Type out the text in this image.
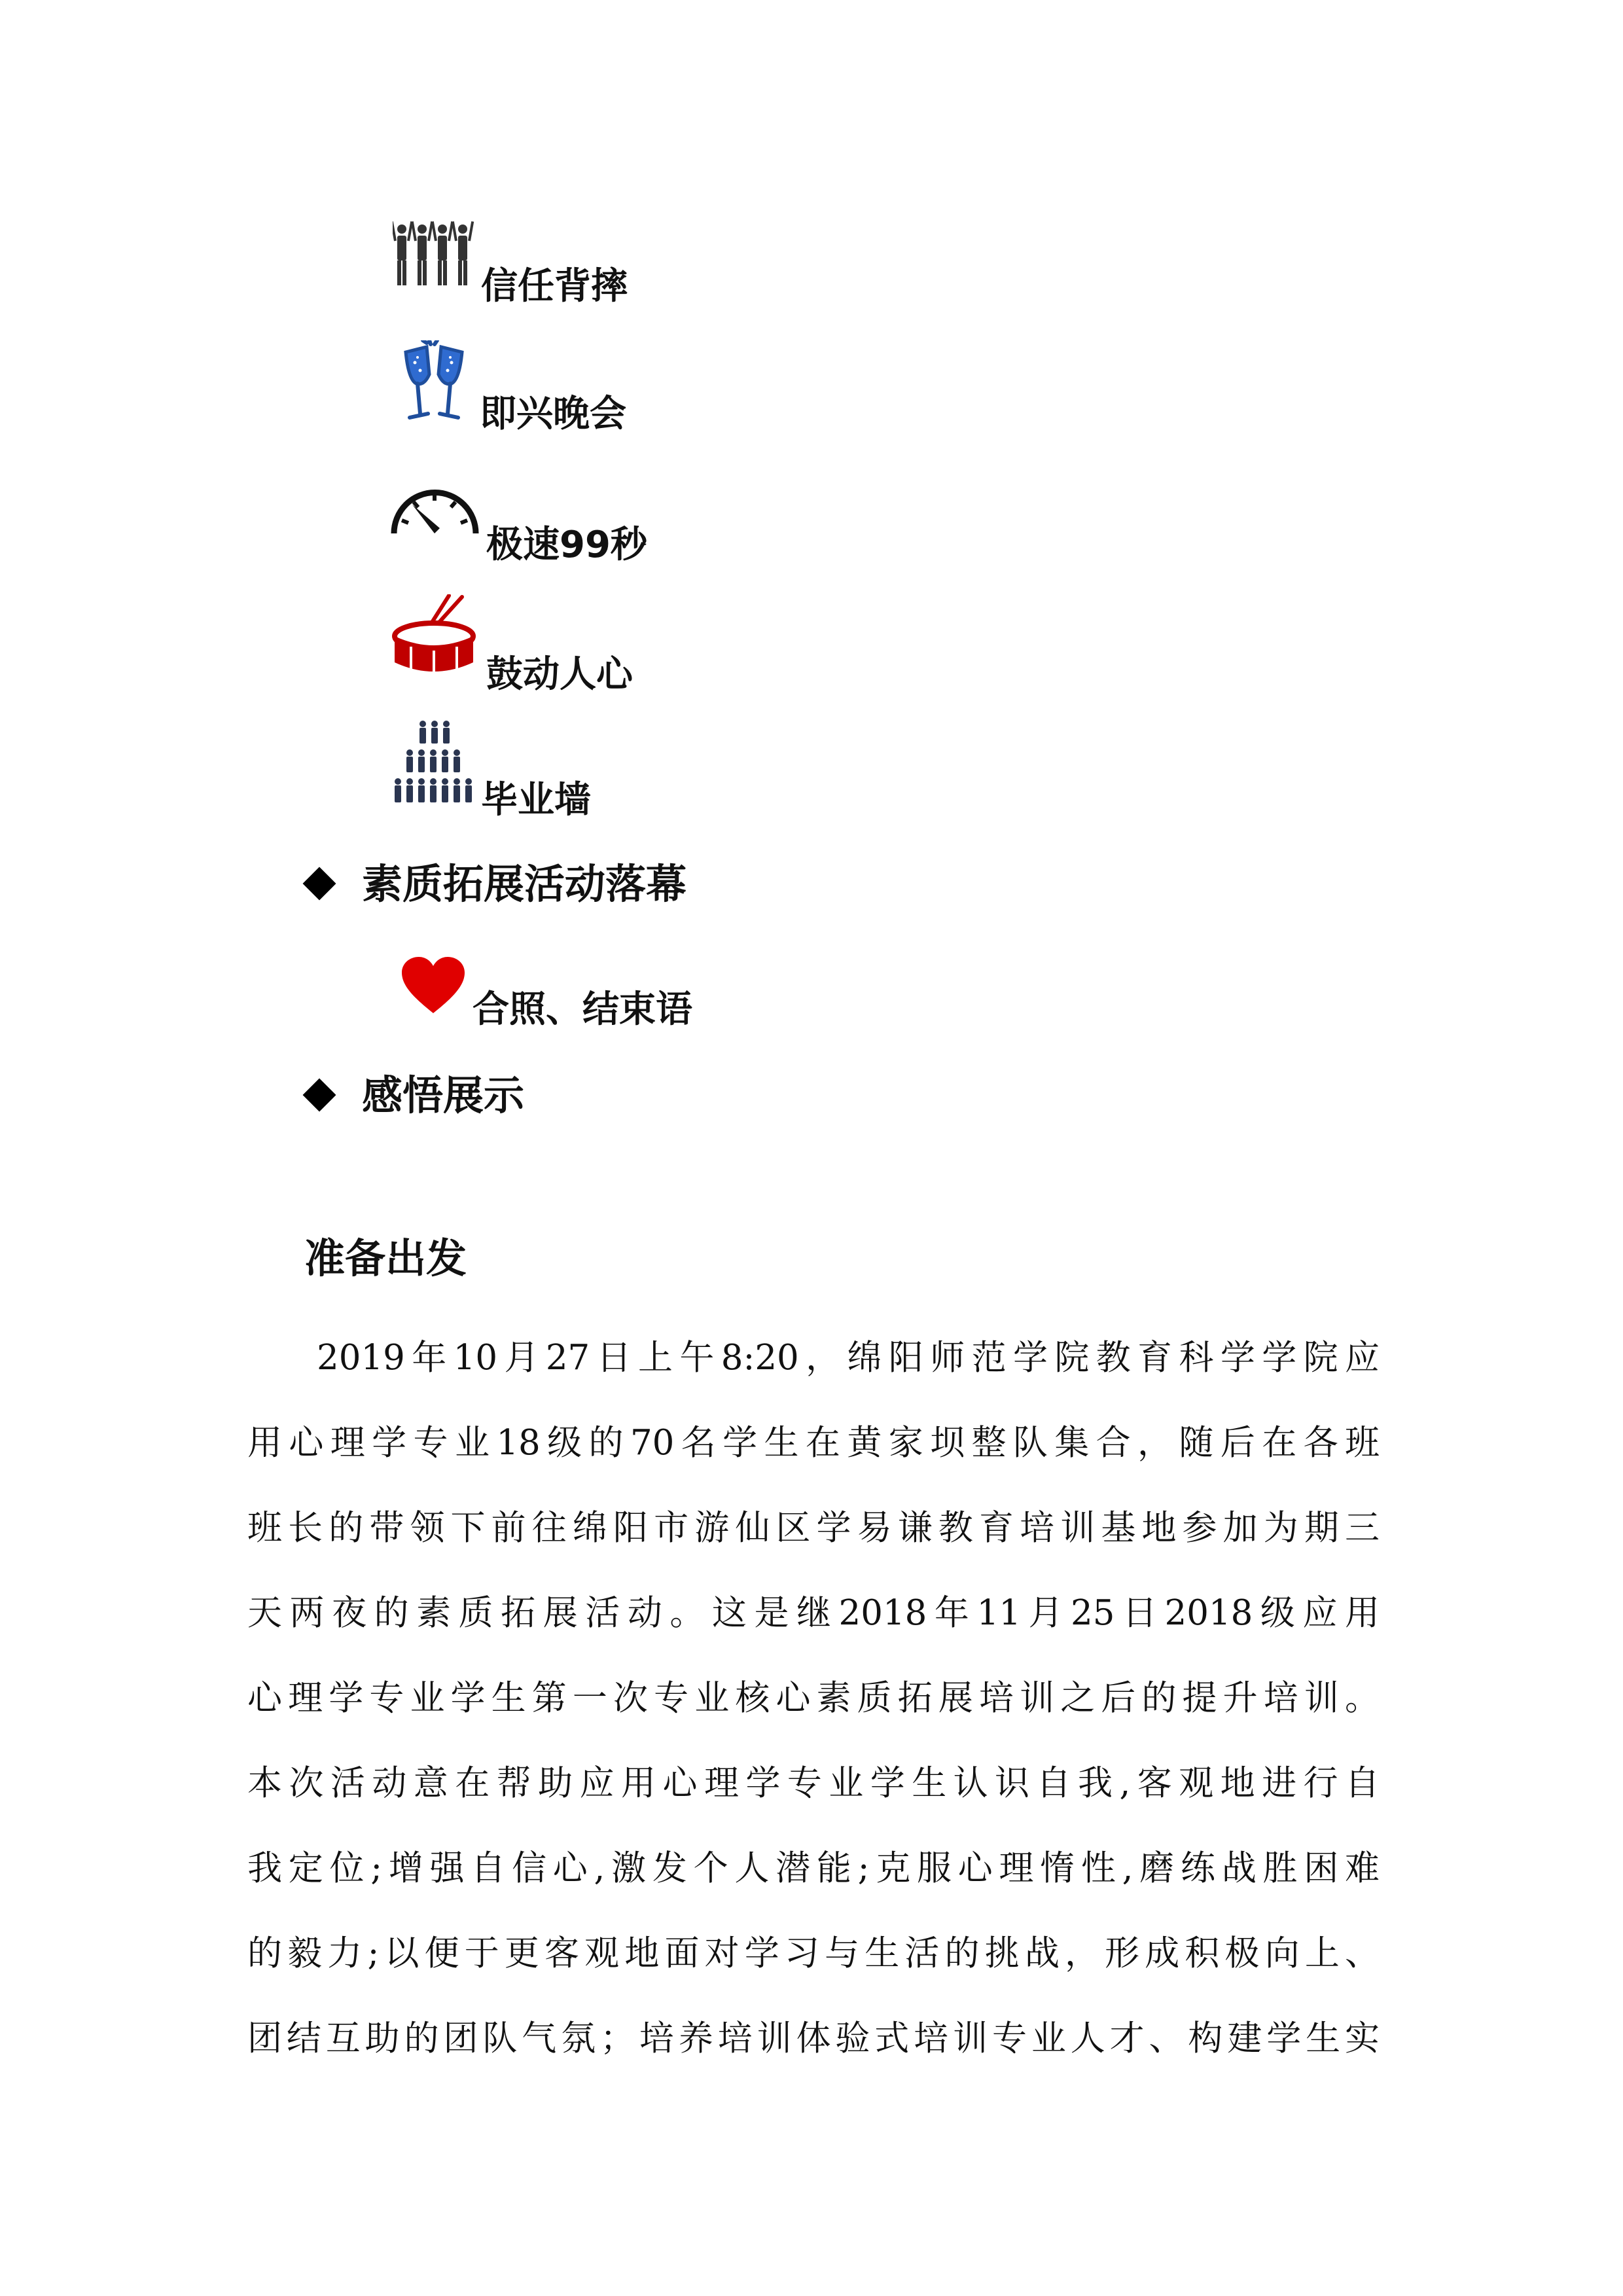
信任背摔
即兴晚会
极速99秒
鼓动人心
毕业墙
素质拓展活动落幕
合照、结束语
感悟展示
准备出发
2019年10月27日上午8:20，绵阳师范学院教育科学学院应
用心理学专业18级的70名学生在黄家坝整队集合，随后在各班
班长的带领下前往绵阳市游仙区学易谦教育培训基地参加为期三
天两夜的素质拓展活动。这是继2018年11月25日2018级应用
心理学专业学生第一次专业核心素质拓展培训之后的提升培训。
本次活动意在帮助应用心理学专业学生认识自我,客观地进行自
我定位;增强自信心,激发个人潜能;克服心理惰性,磨练战胜困难
的毅力;以便于更客观地面对学习与生活的挑战，形成积极向上、
团结互助的团队气氛；培养培训体验式培训专业人才、构建学生实
